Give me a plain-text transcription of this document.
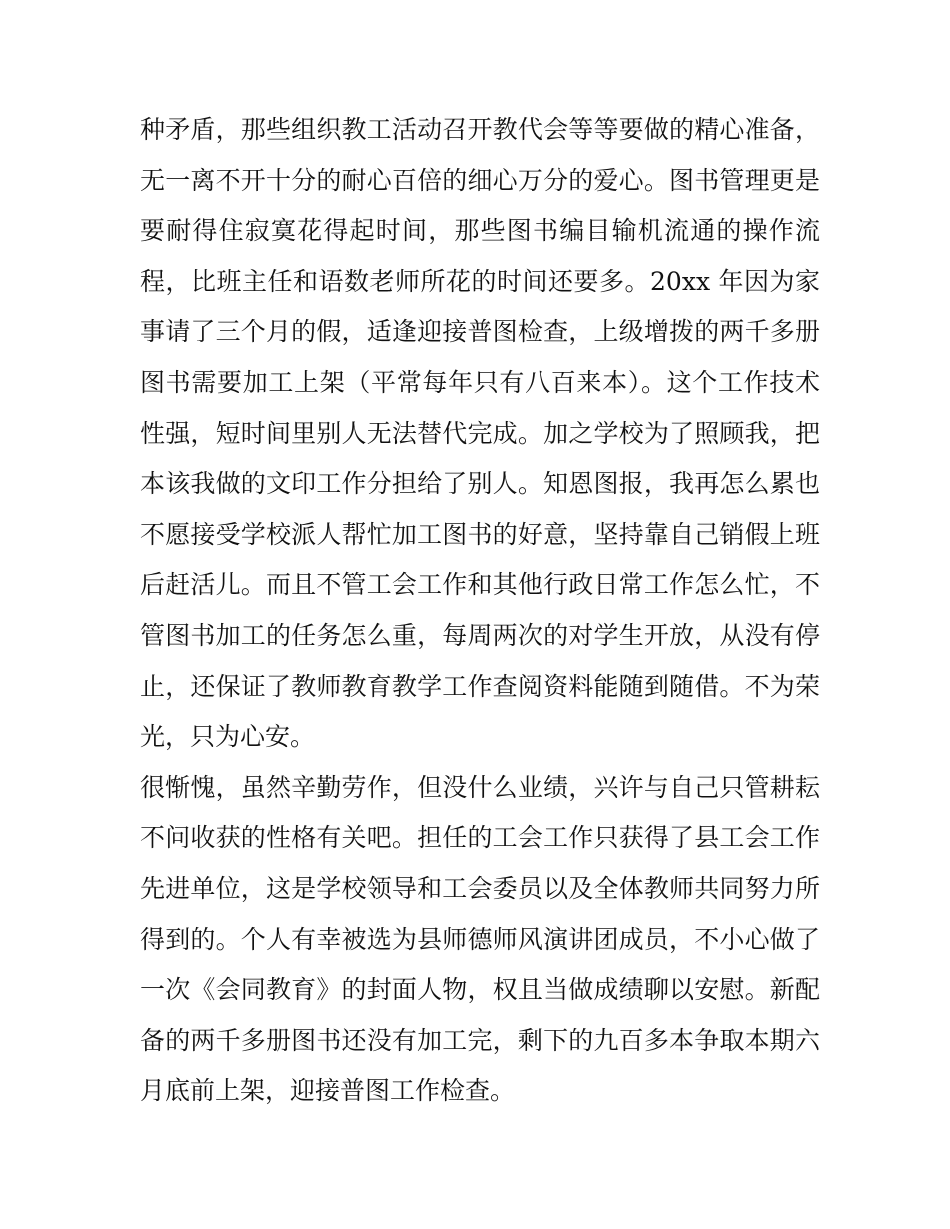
种矛盾，那些组织教工活动召开教代会等等要做的精心准备，
无一离不开十分的耐心百倍的细心万分的爱心。图书管理更是
要耐得住寂寞花得起时间，那些图书编目输机流通的操作流
程，比班主任和语数老师所花的时间还要多。20xx 年因为家
事请了三个月的假，适逢迎接普图检查，上级增拨的两千多册
图书需要加工上架（平常每年只有八百来本）。这个工作技术
性强，短时间里别人无法替代完成。加之学校为了照顾我，把
本该我做的文印工作分担给了别人。知恩图报，我再怎么累也
不愿接受学校派人帮忙加工图书的好意，坚持靠自己销假上班
后赶活儿。而且不管工会工作和其他行政日常工作怎么忙，不
管图书加工的任务怎么重，每周两次的对学生开放，从没有停
止，还保证了教师教育教学工作查阅资料能随到随借。不为荣
光，只为心安。
很惭愧，虽然辛勤劳作，但没什么业绩，兴许与自己只管耕耘
不问收获的性格有关吧。担任的工会工作只获得了县工会工作
先进单位，这是学校领导和工会委员以及全体教师共同努力所
得到的。个人有幸被选为县师德师风演讲团成员，不小心做了
一次《会同教育》的封面人物，权且当做成绩聊以安慰。新配
备的两千多册图书还没有加工完，剩下的九百多本争取本期六
月底前上架，迎接普图工作检查。
